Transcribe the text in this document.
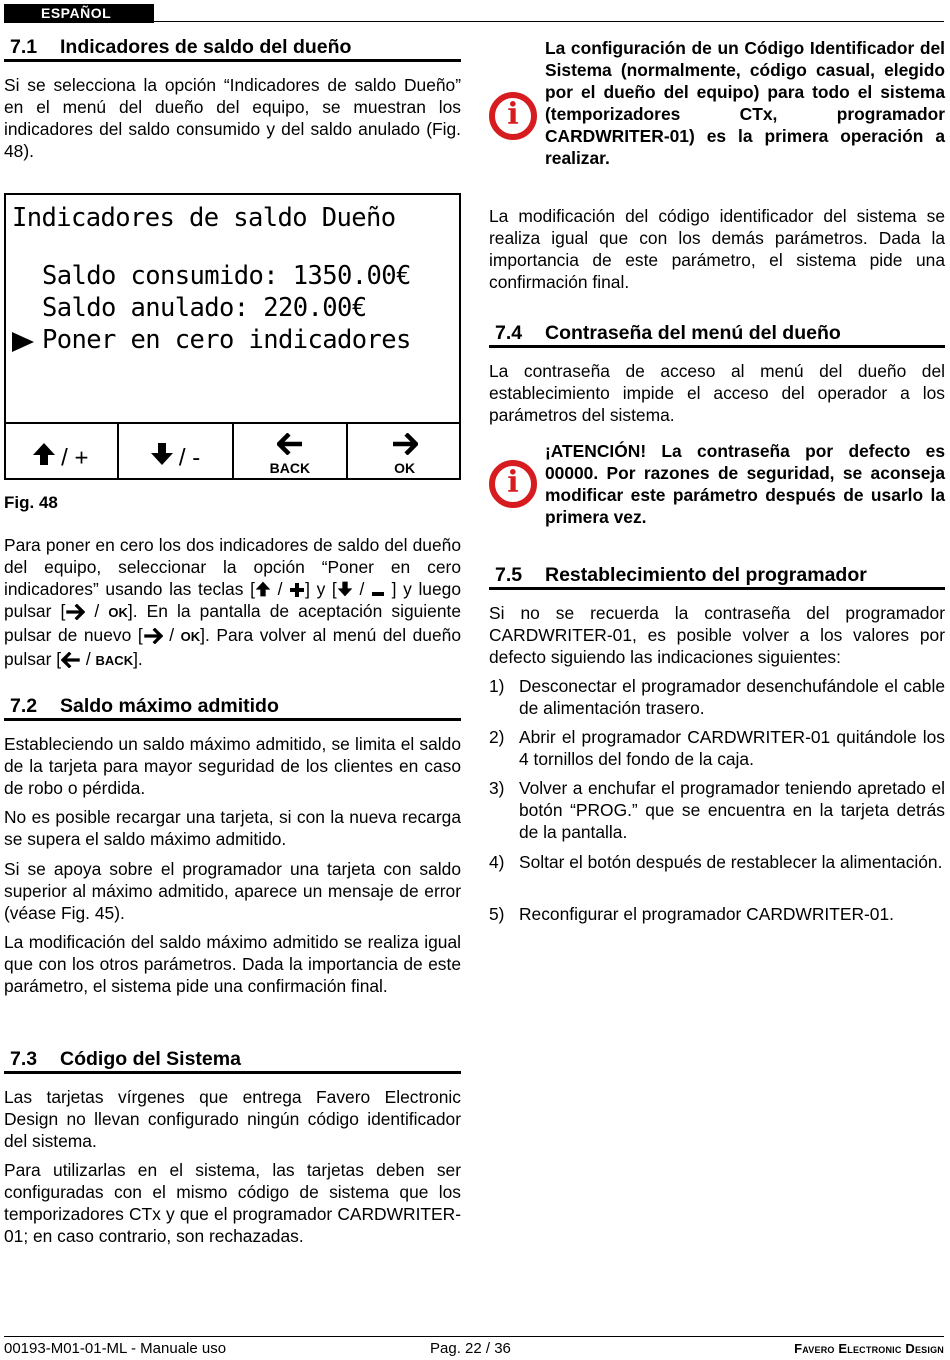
ESPAÑOL
7.1 Indicadores de saldo del dueño
Si se selecciona la opción “Indicadores de saldo Dueño” en el menú del dueño del equipo, se muestran los indicadores del saldo consumido y del saldo anulado (Fig. 48).
Indicadores de saldo Dueño
Saldo consumido: 1350.00€
Saldo anulado: 220.00€
Poner en cero indicadores
/ +	/ -	BACK	OK
Fig. 48
Para poner en cero los dos indicadores de saldo del dueño del equipo, seleccionar la opción “Poner en cero indicadores” usando las teclas [ / ] y [ /  ] y luego pulsar [ / OK]. En la pantalla de aceptación siguiente pulsar de nuevo [ / OK]. Para volver al menú del dueño pulsar [ / BACK].
7.2 Saldo máximo admitido
Estableciendo un saldo máximo admitido, se limita el saldo de la tarjeta para mayor seguridad de los clientes en caso de robo o pérdida.
No es posible recargar una tarjeta, si con la nueva recarga se supera el saldo máximo admitido.
Si se apoya sobre el programador una tarjeta con saldo superior al máximo admitido, aparece un mensaje de error (véase Fig. 45).
La modificación del saldo máximo admitido se realiza igual que con los otros parámetros. Dada la importancia de este parámetro, el sistema pide una confirmación final.
7.3 Código del Sistema
Las tarjetas vírgenes que entrega Favero Electronic Design no llevan configurado ningún código identificador del sistema.
Para utilizarlas en el sistema, las tarjetas deben ser configuradas con el mismo código de sistema que los temporizadores CTx y que el programador CARDWRITER-01; en caso contrario, son rechazadas.
i
La configuración de un Código Identificador del Sistema (normalmente, código casual, elegido por el dueño del equipo) para todo el sistema (temporizadores CTx, programador CARDWRITER-01) es la primera operación a realizar.
La modificación del código identificador del sistema se realiza igual que con los demás parámetros. Dada la importancia de este parámetro, el sistema pide una confirmación final.
7.4 Contraseña del menú del dueño
La contraseña de acceso al menú del dueño del establecimiento impide el acceso del operador a los parámetros del sistema.
i
¡ATENCIÓN! La contraseña por defecto es 00000. Por razones de seguridad, se aconseja modificar este parámetro después de usarlo la primera vez.
7.5 Restablecimiento del programador
Si no se recuerda la contraseña del programador CARDWRITER-01, es posible volver a los valores por defecto siguiendo las indicaciones siguientes:
1) Desconectar el programador desenchufándole el cable de alimentación trasero.
2) Abrir el programador CARDWRITER-01 quitándole los 4 tornillos del fondo de la caja.
3) Volver a enchufar el programador teniendo apretado el botón “PROG.” que se encuentra en la tarjeta detrás de la pantalla.
4) Soltar el botón después de restablecer la alimentación.
5) Reconfigurar el programador CARDWRITER-01.
00193-M01-01-ML - Manuale uso	Pag. 22 / 36	Favero Electronic Design
